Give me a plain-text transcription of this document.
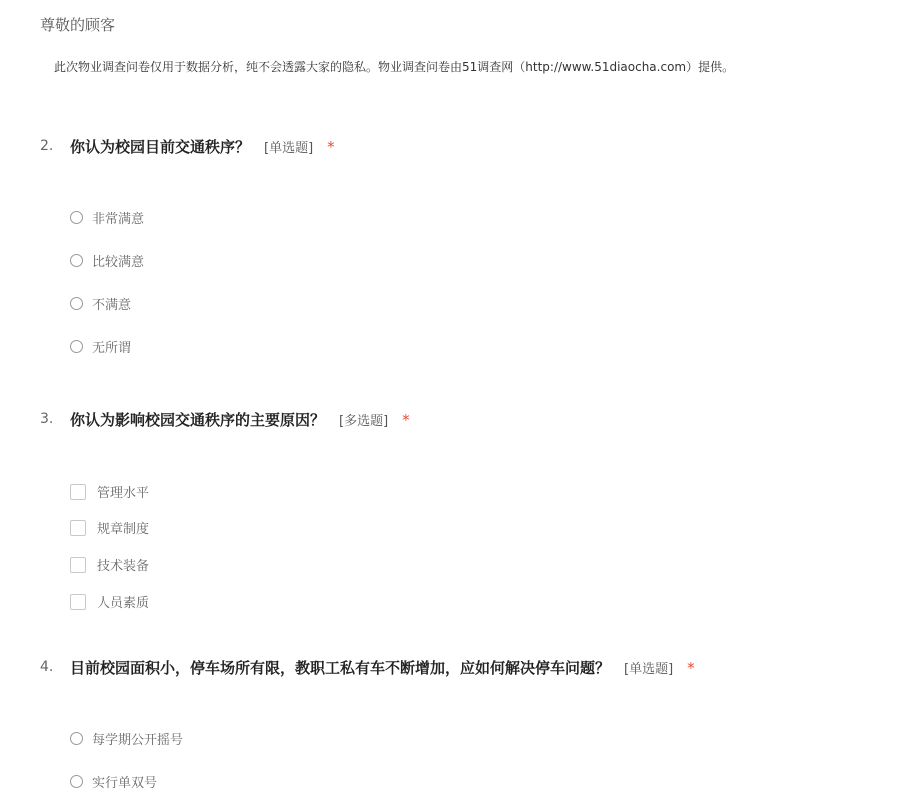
尊敬的顾客
此次物业调查问卷仅用于数据分析，纯不会透露大家的隐私。物业调查问卷由51调查网（http://www.51diaocha.com）提供。
2. 你认为校园目前交通秩序？ [单选题] *
非常满意
比较满意
不满意
无所谓
3. 你认为影响校园交通秩序的主要原因？ [多选题] *
管理水平
规章制度
技术装备
人员素质
4. 目前校园面积小，停车场所有限，教职工私有车不断增加，应如何解决停车问题？ [单选题] *
每学期公开摇号
实行单双号
